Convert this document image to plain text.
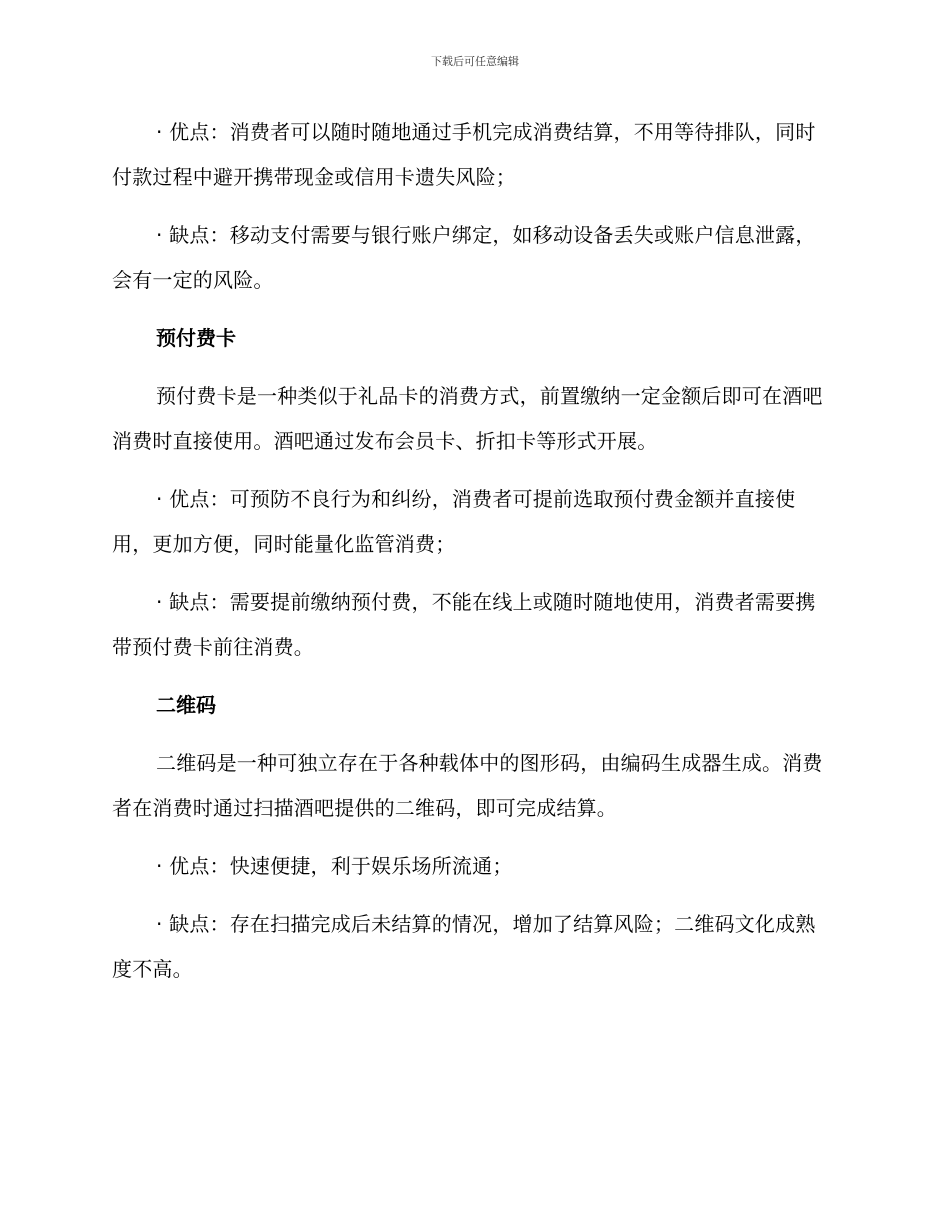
下载后可任意编辑

· 优点：消费者可以随时随地通过手机完成消费结算，不用等待排队，同时付款过程中避开携带现金或信用卡遗失风险；

· 缺点：移动支付需要与银行账户绑定，如移动设备丢失或账户信息泄露，会有一定的风险。

预付费卡

预付费卡是一种类似于礼品卡的消费方式，前置缴纳一定金额后即可在酒吧消费时直接使用。酒吧通过发布会员卡、折扣卡等形式开展。

· 优点：可预防不良行为和纠纷，消费者可提前选取预付费金额并直接使用，更加方便，同时能量化监管消费；

· 缺点：需要提前缴纳预付费，不能在线上或随时随地使用，消费者需要携带预付费卡前往消费。

二维码

二维码是一种可独立存在于各种载体中的图形码，由编码生成器生成。消费者在消费时通过扫描酒吧提供的二维码，即可完成结算。

· 优点：快速便捷，利于娱乐场所流通；

· 缺点：存在扫描完成后未结算的情况，增加了结算风险；二维码文化成熟度不高。
